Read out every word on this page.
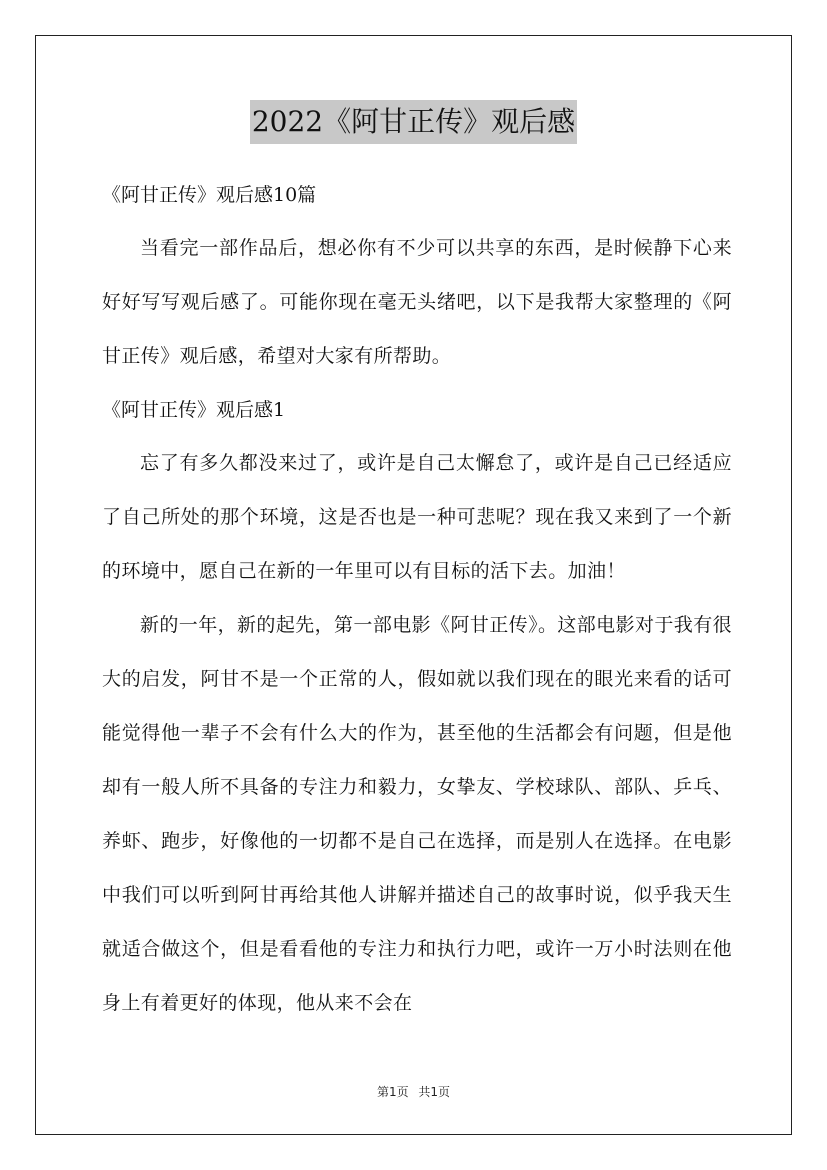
2022《阿甘正传》观后感
《阿甘正传》观后感10篇

当看完一部作品后，想必你有不少可以共享的东西，是时候静下心来好好写写观后感了。可能你现在毫无头绪吧，以下是我帮大家整理的《阿甘正传》观后感，希望对大家有所帮助。

《阿甘正传》观后感1

忘了有多久都没来过了，或许是自己太懈怠了，或许是自己已经适应了自己所处的那个环境，这是否也是一种可悲呢？现在我又来到了一个新的环境中，愿自己在新的一年里可以有目标的活下去。加油！

新的一年，新的起先，第一部电影《阿甘正传》。这部电影对于我有很大的启发，阿甘不是一个正常的人，假如就以我们现在的眼光来看的话可能觉得他一辈子不会有什么大的作为，甚至他的生活都会有问题，但是他却有一般人所不具备的专注力和毅力，女挚友、学校球队、部队、乒乓、养虾、跑步，好像他的一切都不是自己在选择，而是别人在选择。在电影中我们可以听到阿甘再给其他人讲解并描述自己的故事时说，似乎我天生就适合做这个，但是看看他的专注力和执行力吧，或许一万小时法则在他身上有着更好的体现，他从来不会在

第1页 共1页
